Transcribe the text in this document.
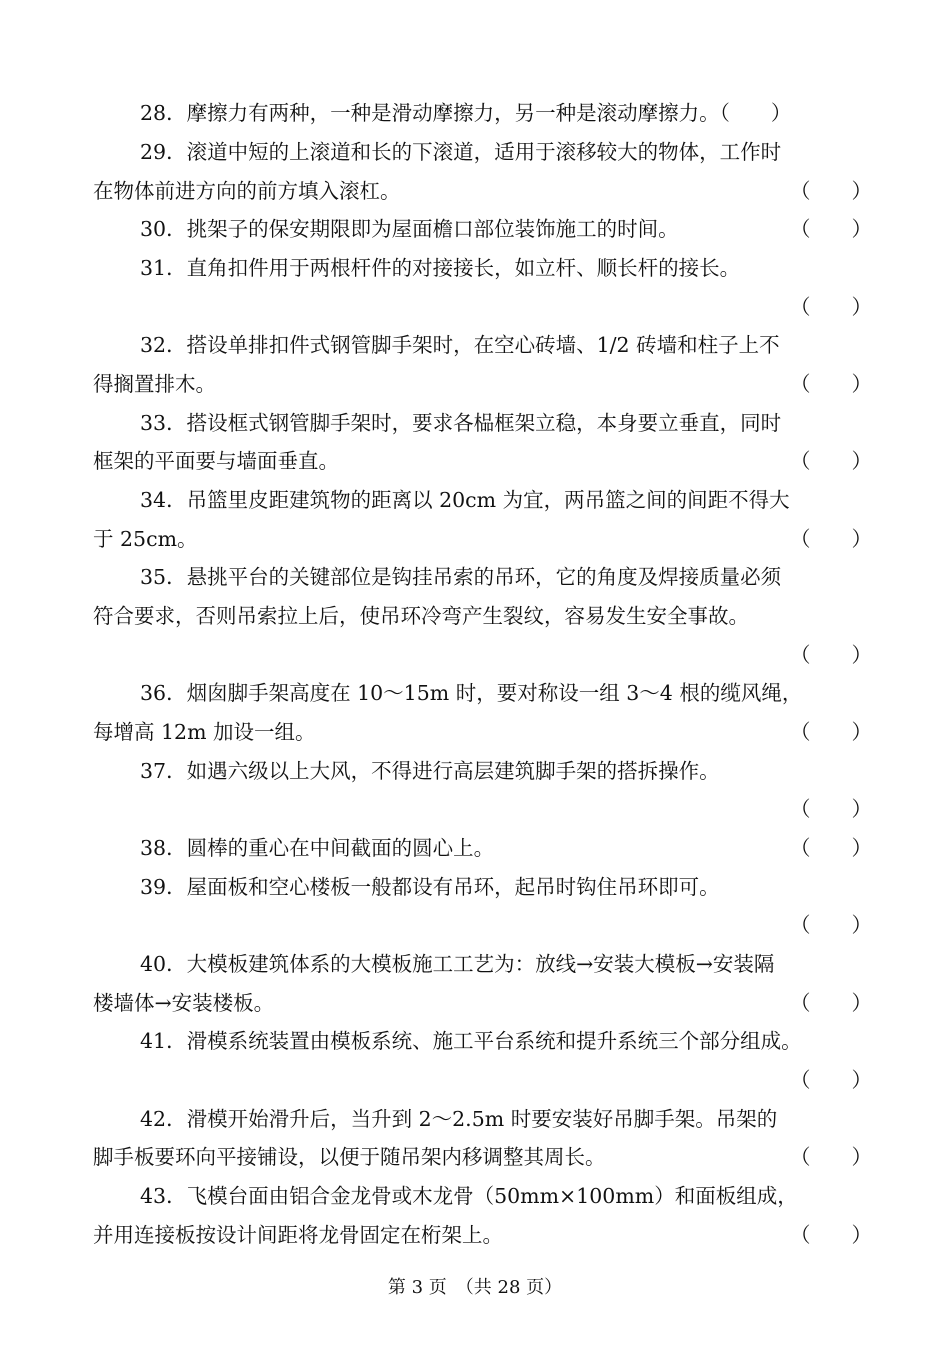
28．摩擦力有两种，一种是滑动摩擦力，另一种是滚动摩擦力。（　　）
29．滚道中短的上滚道和长的下滚道，适用于滚移较大的物体，工作时
在物体前进方向的前方填入滚杠。	（　　）
30．挑架子的保安期限即为屋面檐口部位装饰施工的时间。	（　　）
31．直角扣件用于两根杆件的对接接长，如立杆、顺长杆的接长。
（　　）
32．搭设单排扣件式钢管脚手架时，在空心砖墙、1/2 砖墙和柱子上不
得搁置排木。	（　　）
33．搭设框式钢管脚手架时，要求各榀框架立稳，本身要立垂直，同时
框架的平面要与墙面垂直。	（　　）
34．吊篮里皮距建筑物的距离以 20cm 为宜，两吊篮之间的间距不得大
于 25cm。	（　　）
35．悬挑平台的关键部位是钩挂吊索的吊环，它的角度及焊接质量必须
符合要求，否则吊索拉上后，使吊环冷弯产生裂纹，容易发生安全事故。
（　　）
36．烟囱脚手架高度在 10～15m 时，要对称设一组 3～4 根的缆风绳，
每增高 12m 加设一组。	（　　）
37．如遇六级以上大风，不得进行高层建筑脚手架的搭拆操作。
（　　）
38．圆棒的重心在中间截面的圆心上。	（　　）
39．屋面板和空心楼板一般都设有吊环，起吊时钩住吊环即可。
（　　）
40．大模板建筑体系的大模板施工工艺为：放线→安装大模板→安装隔
楼墙体→安装楼板。	（　　）
41．滑模系统装置由模板系统、施工平台系统和提升系统三个部分组成。
（　　）
42．滑模开始滑升后，当升到 2～2.5m 时要安装好吊脚手架。吊架的
脚手板要环向平接铺设，以便于随吊架内移调整其周长。	（　　）
43．飞模台面由铝合金龙骨或木龙骨（50mm×100mm）和面板组成，
并用连接板按设计间距将龙骨固定在桁架上。	（　　）
第 3 页　（共 28 页）
